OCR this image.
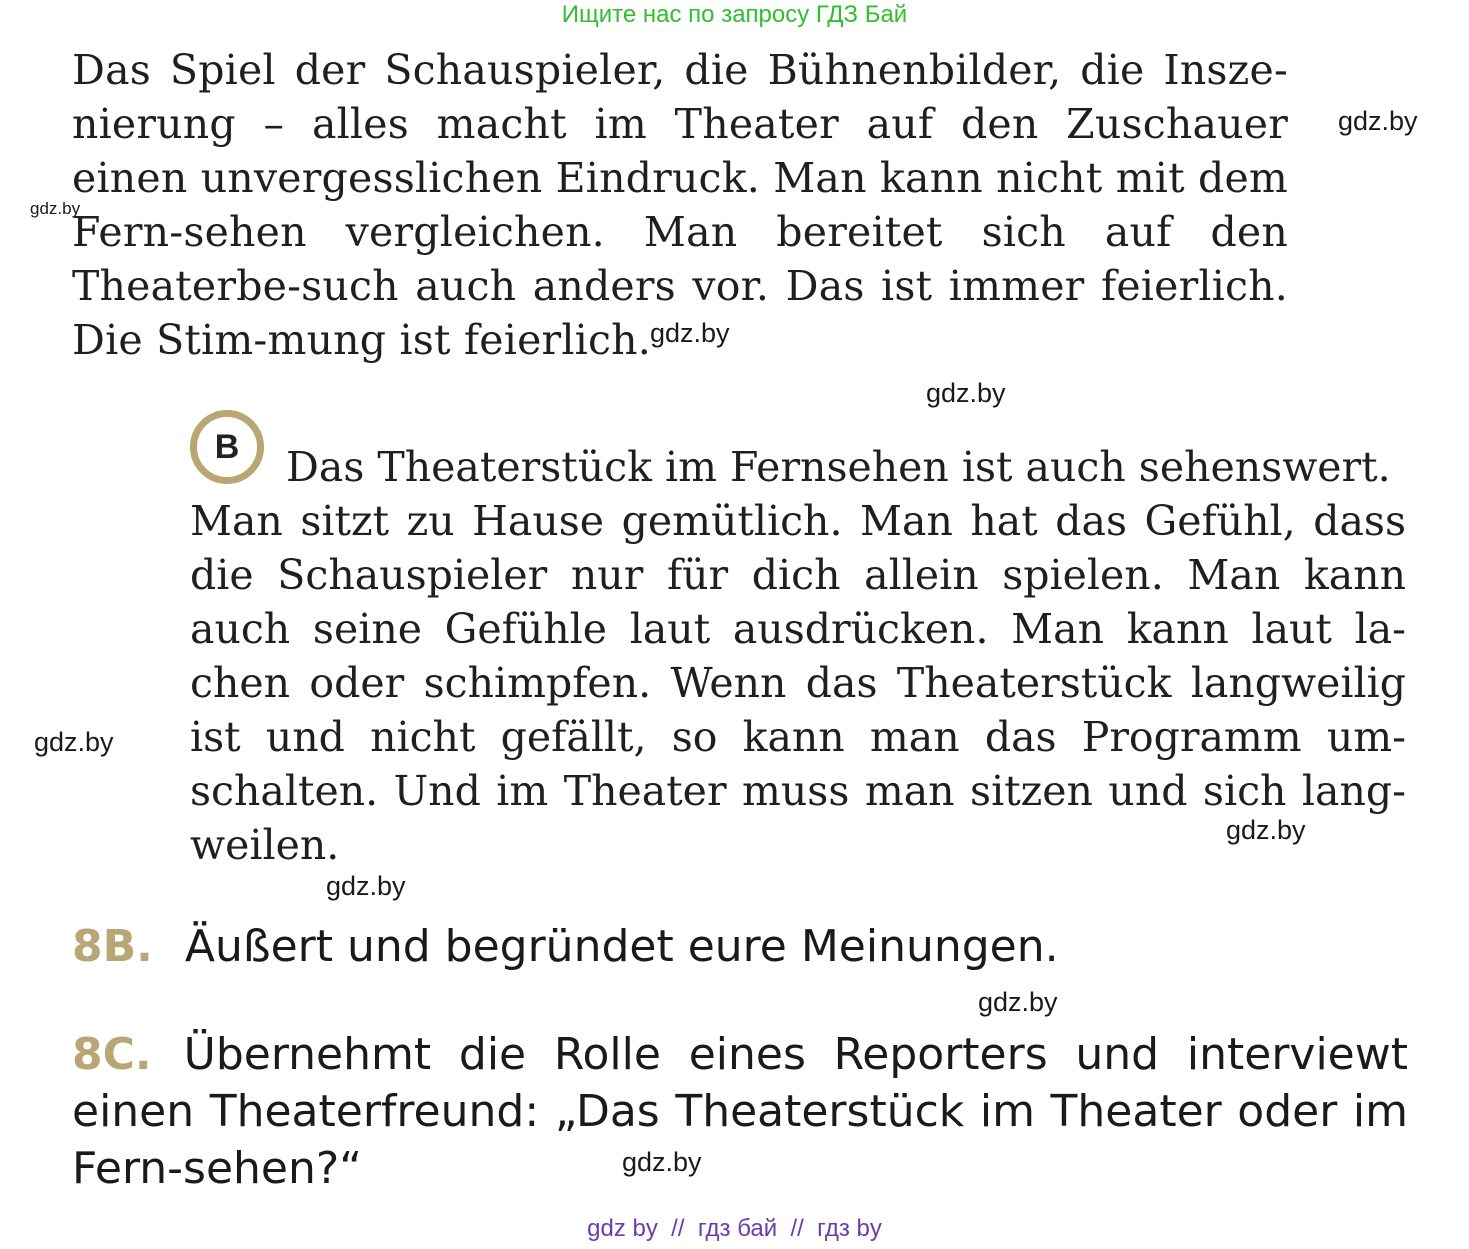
Ищите нас по запросу ГДЗ Бай
Das Spiel der Schauspieler, die Bühnenbilder, die Insze-nierung – alles macht im Theater auf den Zuschauer einen unvergesslichen Eindruck. Man kann nicht mit dem Fern-sehen vergleichen. Man bereitet sich auf den Theaterbe-such auch anders vor. Das ist immer feierlich. Die Stim-mung ist feierlich.
B	Das Theaterstück im Fernsehen ist auch sehenswert.
Man sitzt zu Hause gemütlich. Man hat das Gefühl, dass die Schauspieler nur für dich allein spielen. Man kann auch seine Gefühle laut ausdrücken. Man kann laut la-chen oder schimpfen. Wenn das Theaterstück langweilig ist und nicht gefällt, so kann man das Programm um-schalten. Und im Theater muss man sitzen und sich lang-weilen.
8B. Äußert und begründet eure Meinungen.
8C. Übernehmt die Rolle eines Reporters und interviewt einen Theaterfreund: „Das Theaterstück im Theater oder im Fern-sehen?“
gdz.by
gdz.by
gdz.by
gdz.by
gdz.by
gdz.by
gdz.by
gdz.by
gdz.by
gdz by  //  гдз бай  //  гдз by
